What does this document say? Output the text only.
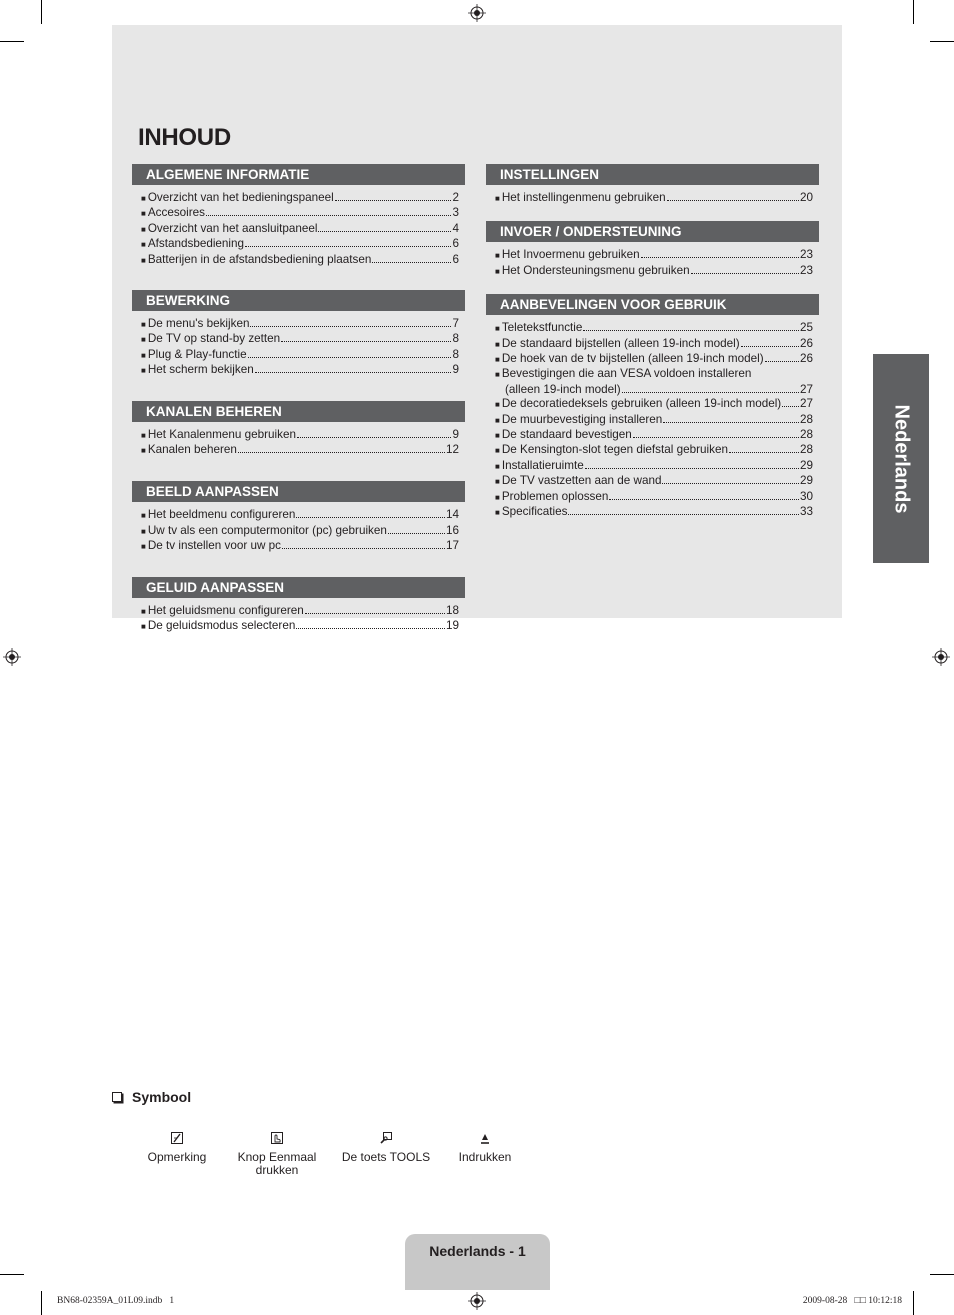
INHOUD
ALGEMENE INFORMATIE
■ Overzicht van het bedieningspaneel	2
■ Accesoires	3
■ Overzicht van het aansluitpaneel	4
■ Afstandsbediening	6
■ Batterijen in de afstandsbediening plaatsen	6
BEWERKING
■ De menu's bekijken	7
■ De TV op stand-by zetten	8
■ Plug & Play-functie	8
■ Het scherm bekijken	9
KANALEN BEHEREN
■ Het Kanalenmenu gebruiken	9
■ Kanalen beheren	12
BEELD AANPASSEN
■ Het beeldmenu configureren	14
■ Uw tv als een computermonitor (pc) gebruiken	16
■ De tv instellen voor uw pc	17
GELUID AANPASSEN
■ Het geluidsmenu configureren	18
■ De geluidsmodus selecteren	19
INSTELLINGEN
■ Het instellingenmenu gebruiken	20
INVOER / ONDERSTEUNING
■ Het Invoermenu gebruiken	23
■ Het Ondersteuningsmenu gebruiken	23
AANBEVELINGEN VOOR GEBRUIK
■ Teletekstfunctie	25
■ De standaard bijstellen (alleen 19-inch model)	26
■ De hoek van de tv bijstellen (alleen 19-inch model)	26
■ Bevestigingen die aan VESA voldoen installeren
(alleen 19-inch model)	27
■ De decoratiedeksels gebruiken (alleen 19-inch model) 27
■ De muurbevestiging installeren	28
■ De standaard bevestigen	28
■ De Kensington-slot tegen diefstal gebruiken	28
■ Installatieruimte	29
■ De TV vastzetten aan de wand	29
■ Problemen oplossen	30
■ Specificaties	33	Nederlands
Symbool
Opmerking	Knop Eenmaal drukken
De toets TOOLS	Indrukken
Nederlands - 1
BN68-02359A_01L09.indb   1	2009-08-28   □□ 10:12:18
